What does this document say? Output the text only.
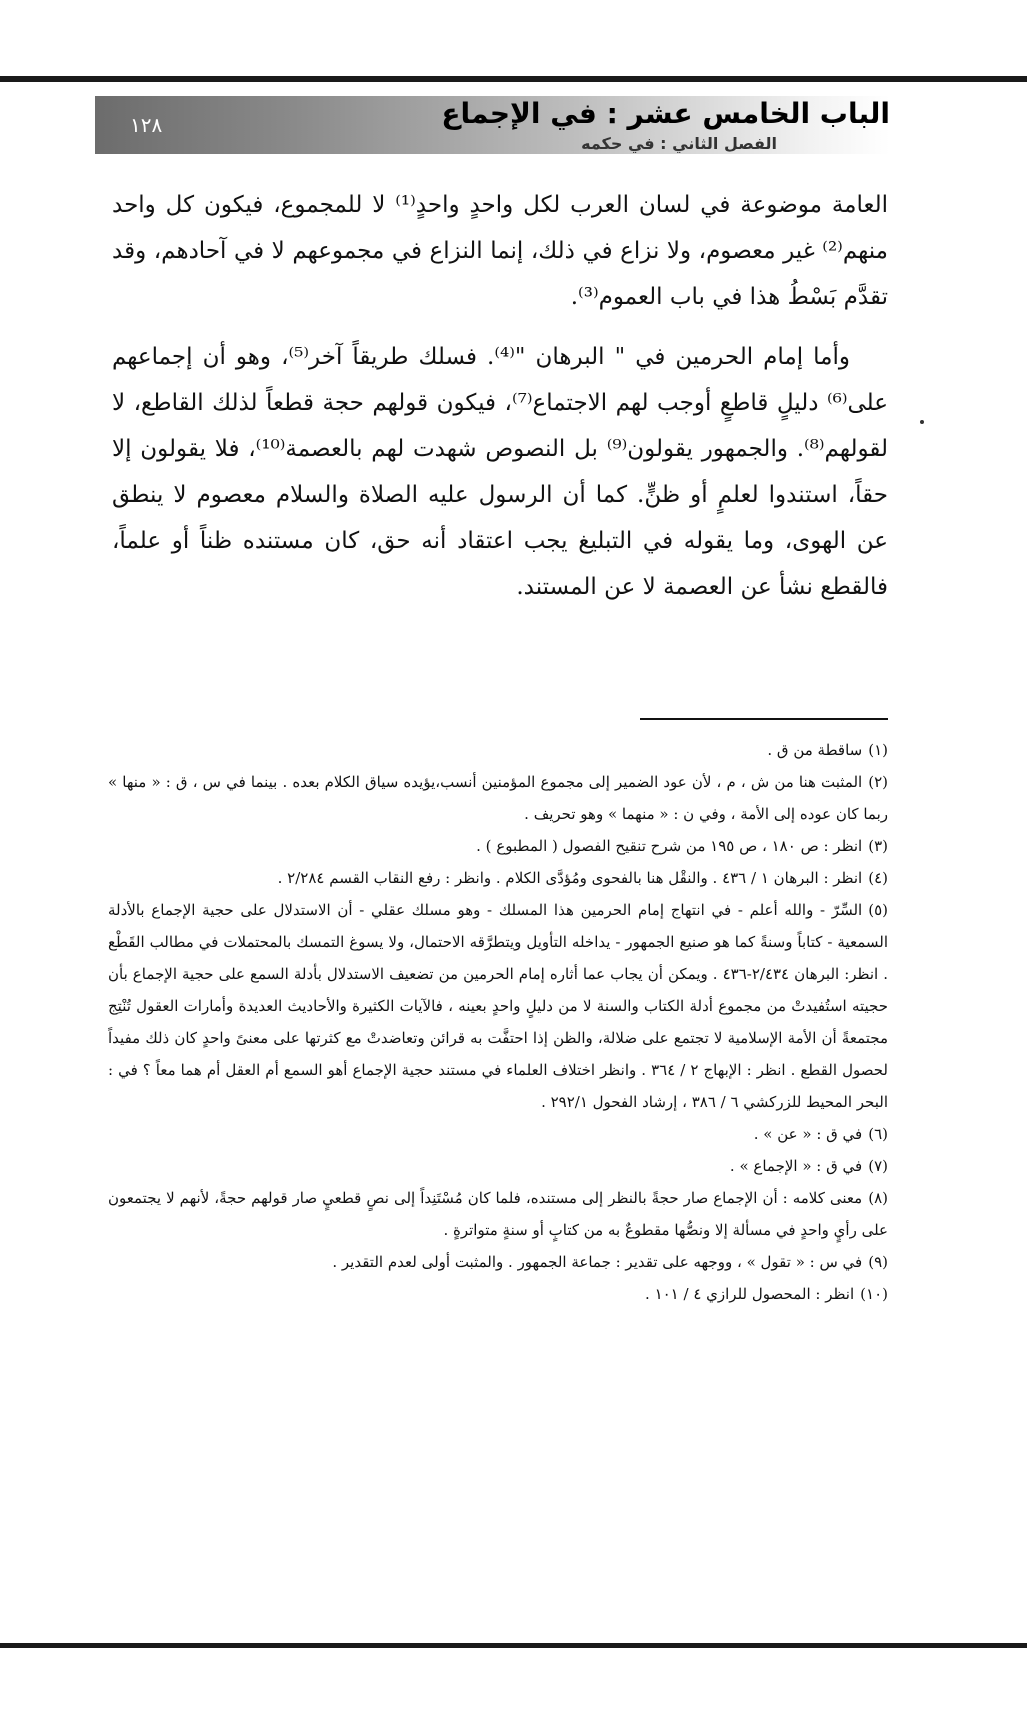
١٢٨	الباب الخامس عشر : في الإجماع
الفصل الثاني : في حكمه

العامة موضوعة في لسان العرب لكل واحدٍ واحدٍ⁽¹⁾ لا للمجموع، فيكون كل واحد منهم⁽²⁾ غير معصوم، ولا نزاع في ذلك، إنما النزاع في مجموعهم لا في آحادهم، وقد تقدَّم بَسْطُ هذا في باب العموم⁽³⁾.

وأما إمام الحرمين في " البرهان "⁽⁴⁾. فسلك طريقاً آخر⁽⁵⁾، وهو أن إجماعهم على⁽⁶⁾ دليلٍ قاطعٍ أوجب لهم الاجتماع⁽⁷⁾، فيكون قولهم حجة قطعاً لذلك القاطع، لا لقولهم⁽⁸⁾. والجمهور يقولون⁽⁹⁾ بل النصوص شهدت لهم بالعصمة⁽¹⁰⁾، فلا يقولون إلا حقاً، استندوا لعلمٍ أو ظنٍّ. كما أن الرسول عليه الصلاة والسلام معصوم لا ينطق عن الهوى، وما يقوله في التبليغ يجب اعتقاد أنه حق، كان مستنده ظناً أو علماً، فالقطع نشأ عن العصمة لا عن المستند.

(١)ساقطة من ق .

(٢)المثبت هنا من ش ، م ، لأن عود الضمير إلى مجموع المؤمنين أنسب،يؤيده سياق الكلام بعده . بينما في س ، ق : « منها » ربما كان عوده إلى الأمة ، وفي ن : « منهما » وهو تحريف .

(٣)انظر : ص ١٨٠ ، ص ١٩٥ من شرح تنقيح الفصول ( المطبوع ) .

(٤)انظر : البرهان ١ / ٤٣٦ . والنقْل هنا بالفحوى ومُؤدَّى الكلام . وانظر : رفع النقاب القسم ٢/٢٨٤ .

(٥)السِّرّ - والله أعلم - في انتهاج إمام الحرمين هذا المسلك - وهو مسلك عقلي - أن الاستدلال على حجية الإجماع بالأدلة السمعية - كتاباً وسنةً كما هو صنيع الجمهور - يداخله التأويل ويتطرَّقه الاحتمال، ولا يسوغ التمسك بالمحتملات في مطالب القَطْع . انظر: البرهان ٢/٤٣٤-٤٣٦ . ويمكن أن يجاب عما أثاره إمام الحرمين من تضعيف الاستدلال بأدلة السمع على حجية الإجماع بأن حجيته استُفيدتْ من مجموع أدلة الكتاب والسنة لا من دليلٍ واحدٍ بعينه ، فالآيات الكثيرة والأحاديث العديدة وأمارات العقول تُنْتِج مجتمعةً أن الأمة الإسلامية لا تجتمع على ضلالة، والظن إذا احتفَّت به قرائن وتعاضدتْ مع كثرتها على معنىً واحدٍ كان ذلك مفيداً لحصول القطع . انظر : الإبهاج ٢ / ٣٦٤ . وانظر اختلاف العلماء في مستند حجية الإجماع أهو السمع أم العقل أم هما معاً ؟ في : البحر المحيط للزركشي ٦ / ٣٨٦ ، إرشاد الفحول ٢٩٢/١ .

(٦)في ق : « عن » .

(٧)في ق : « الإجماع » .

(٨)معنى كلامه : أن الإجماع صار حجةً بالنظر إلى مستنده، فلما كان مُسْتَنِداً إلى نصٍ قطعيٍ صار قولهم حجةً، لأنهم لا يجتمعون على رأيٍ واحدٍ في مسألة إلا ونصُّها مقطوعٌ به من كتابٍ أو سنةٍ متواترةٍ .

(٩)في س : « تقول » ، ووجهه على تقدير : جماعة الجمهور . والمثبت أولى لعدم التقدير .

(١٠)انظر : المحصول للرازي ٤ / ١٠١ .
